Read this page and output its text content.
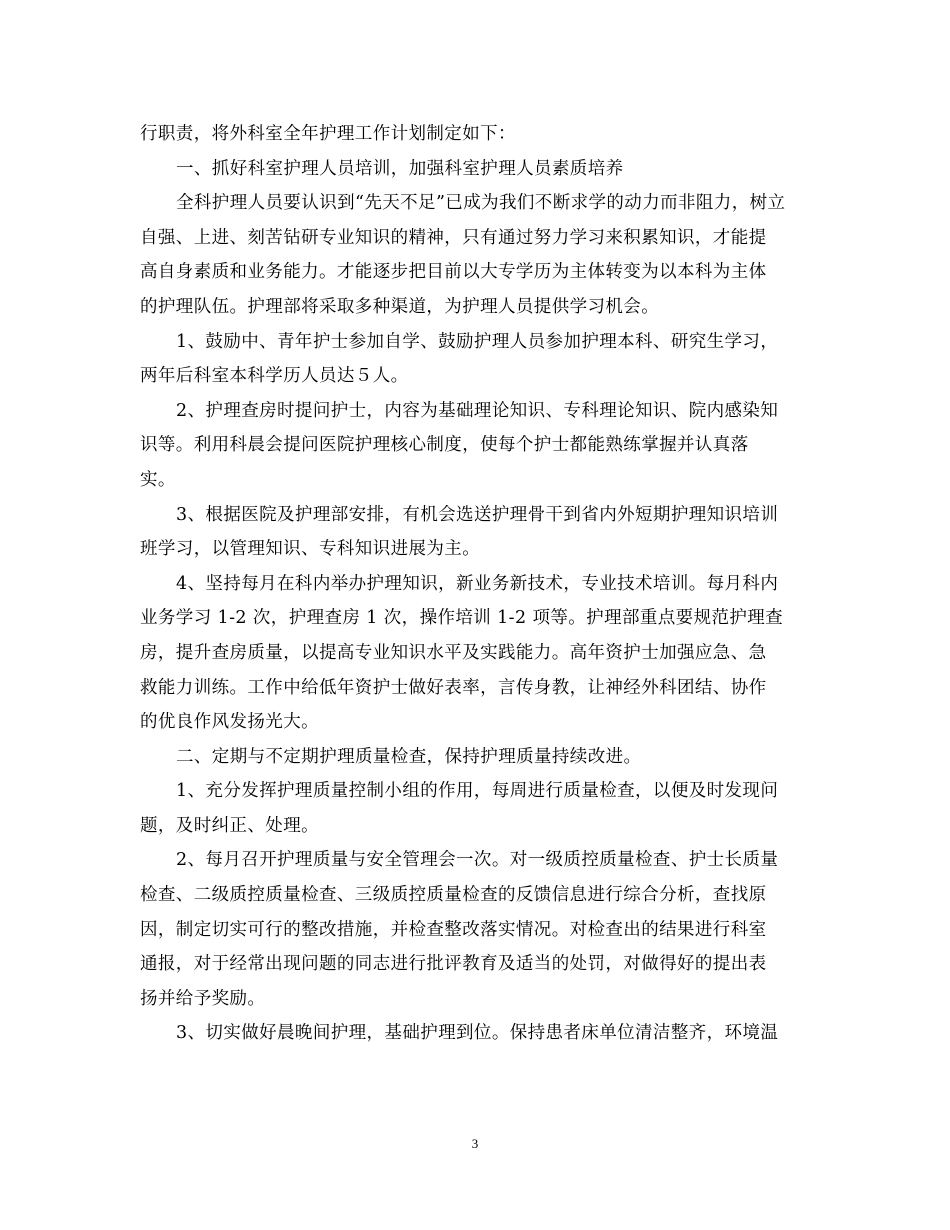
行职责，将外科室全年护理工作计划制定如下：
一、抓好科室护理人员培训，加强科室护理人员素质培养
全科护理人员要认识到“先天不足”已成为我们不断求学的动力而非阻力，树立
自强、上进、刻苦钻研专业知识的精神，只有通过努力学习来积累知识，才能提
高自身素质和业务能力。才能逐步把目前以大专学历为主体转变为以本科为主体
的护理队伍。护理部将采取多种渠道，为护理人员提供学习机会。
1、鼓励中、青年护士参加自学、鼓励护理人员参加护理本科、研究生学习，
两年后科室本科学历人员达５人。
2、护理查房时提问护士，内容为基础理论知识、专科理论知识、院内感染知
识等。利用科晨会提问医院护理核心制度，使每个护士都能熟练掌握并认真落
实。
3、根据医院及护理部安排，有机会选送护理骨干到省内外短期护理知识培训
班学习，以管理知识、专科知识进展为主。
4、坚持每月在科内举办护理知识，新业务新技术，专业技术培训。每月科内
业务学习 1-2 次，护理查房 1 次，操作培训 1-2 项等。护理部重点要规范护理查
房，提升查房质量，以提高专业知识水平及实践能力。高年资护士加强应急、急
救能力训练。工作中给低年资护士做好表率，言传身教，让神经外科团结、协作
的优良作风发扬光大。
二、定期与不定期护理质量检查，保持护理质量持续改进。
1、充分发挥护理质量控制小组的作用，每周进行质量检查，以便及时发现问
题，及时纠正、处理。
2、每月召开护理质量与安全管理会一次。对一级质控质量检查、护士长质量
检查、二级质控质量检查、三级质控质量检查的反馈信息进行综合分析，查找原
因，制定切实可行的整改措施，并检查整改落实情况。对检查出的结果进行科室
通报，对于经常出现问题的同志进行批评教育及适当的处罚，对做得好的提出表
扬并给予奖励。
3、切实做好晨晚间护理，基础护理到位。保持患者床单位清洁整齐，环境温
3
